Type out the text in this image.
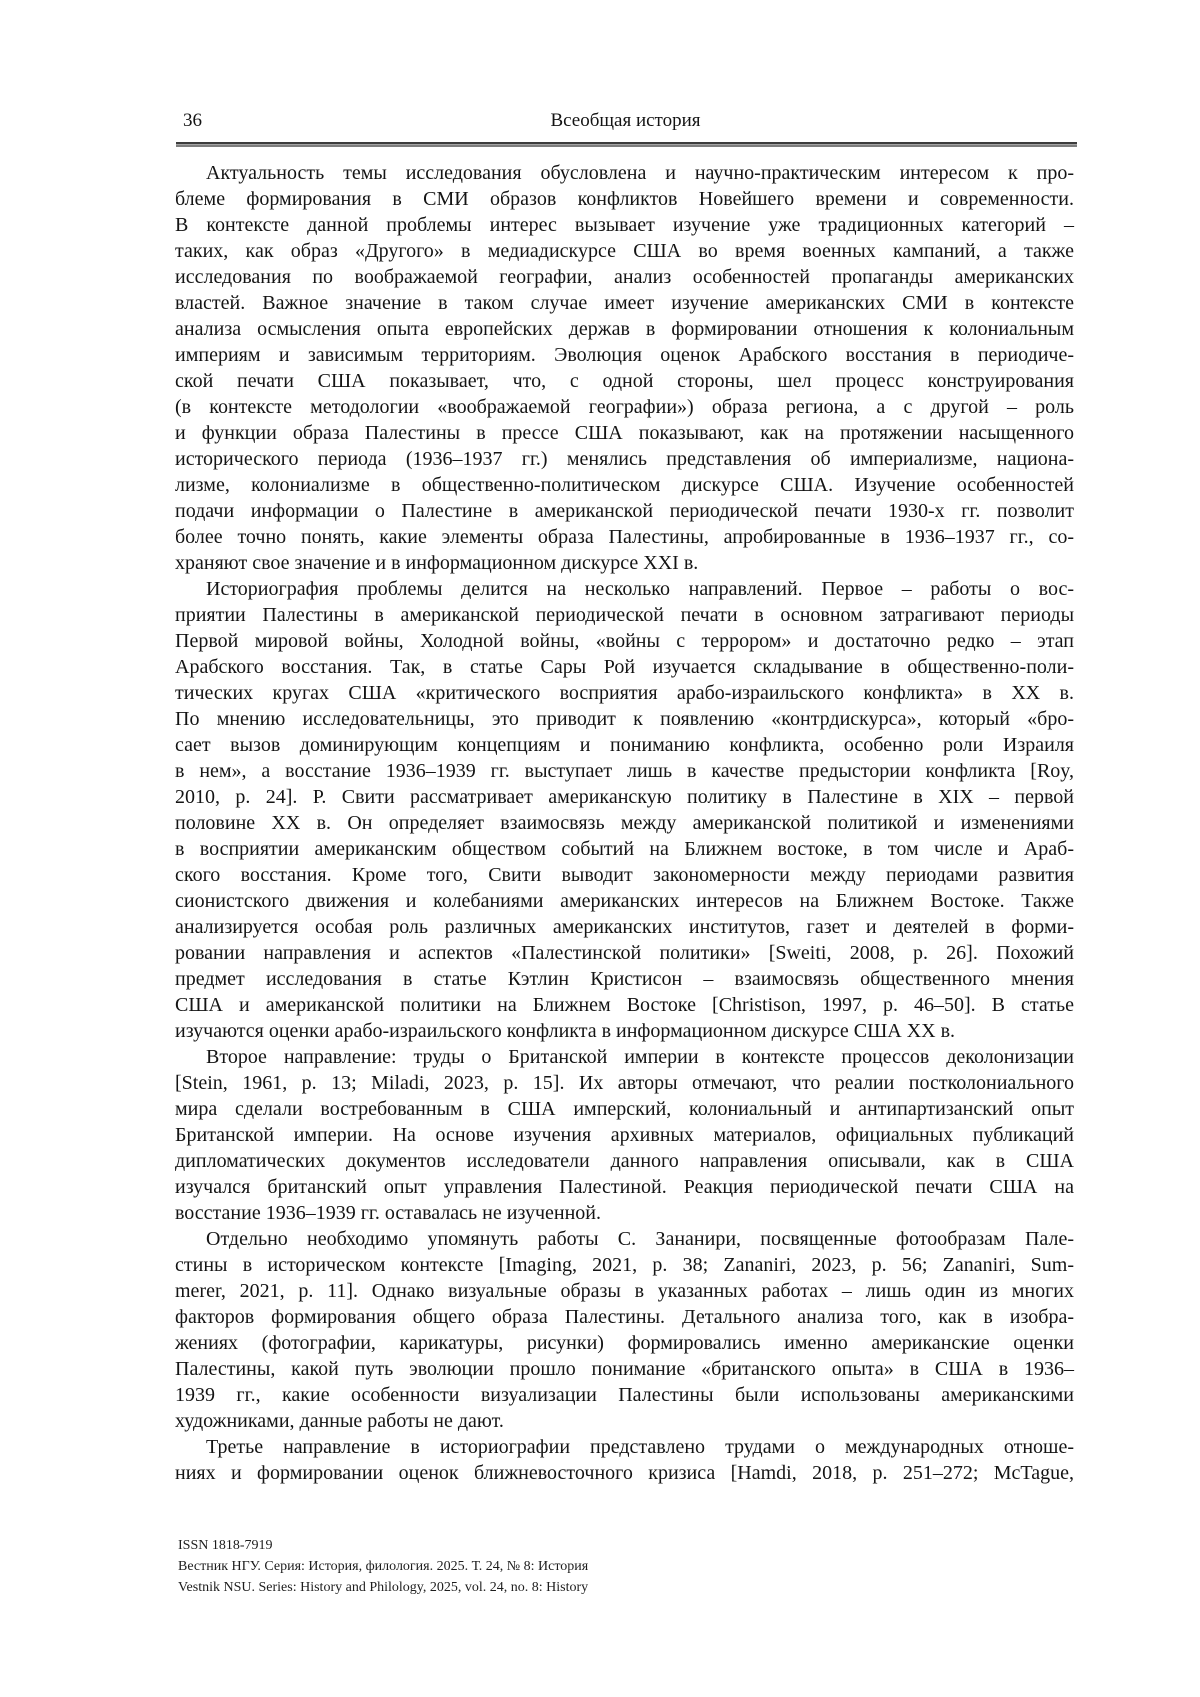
36	Всеобщая история
Актуальность темы исследования обусловлена и научно-практическим интересом к про-
блеме формирования в СМИ образов конфликтов Новейшего времени и современности.
В контексте данной проблемы интерес вызывает изучение уже традиционных категорий –
таких, как образ «Другого» в медиадискурсе США во время военных кампаний, а также
исследования по воображаемой географии, анализ особенностей пропаганды американских
властей. Важное значение в таком случае имеет изучение американских СМИ в контексте
анализа осмысления опыта европейских держав в формировании отношения к колониальным
империям и зависимым территориям. Эволюция оценок Арабского восстания в периодиче-
ской печати США показывает, что, с одной стороны, шел процесс конструирования
(в контексте методологии «воображаемой географии») образа региона, а с другой – роль
и функции образа Палестины в прессе США показывают, как на протяжении насыщенного
исторического периода (1936–1937 гг.) менялись представления об империализме, национа-
лизме, колониализме в общественно-политическом дискурсе США. Изучение особенностей
подачи информации о Палестине в американской периодической печати 1930-х гг. позволит
более точно понять, какие элементы образа Палестины, апробированные в 1936–1937 гг., со-
храняют свое значение и в информационном дискурсе XXI в.
Историография проблемы делится на несколько направлений. Первое – работы о вос-
приятии Палестины в американской периодической печати в основном затрагивают периоды
Первой мировой войны, Холодной войны, «войны с террором» и достаточно редко – этап
Арабского восстания. Так, в статье Сары Рой изучается складывание в общественно-поли-
тических кругах США «критического восприятия арабо-израильского конфликта» в XX в.
По мнению исследовательницы, это приводит к появлению «контрдискурса», который «бро-
сает вызов доминирующим концепциям и пониманию конфликта, особенно роли Израиля
в нем», а восстание 1936–1939 гг. выступает лишь в качестве предыстории конфликта [Roy,
2010, p. 24]. Р. Свити рассматривает американскую политику в Палестине в XIX – первой
половине XX в. Он определяет взаимосвязь между американской политикой и изменениями
в восприятии американским обществом событий на Ближнем востоке, в том числе и Араб-
ского восстания. Кроме того, Свити выводит закономерности между периодами развития
сионистского движения и колебаниями американских интересов на Ближнем Востоке. Также
анализируется особая роль различных американских институтов, газет и деятелей в форми-
ровании направления и аспектов «Палестинской политики» [Sweiti, 2008, p. 26]. Похожий
предмет исследования в статье Кэтлин Кристисон – взаимосвязь общественного мнения
США и американской политики на Ближнем Востоке [Christison, 1997, p. 46–50]. В статье
изучаются оценки арабо-израильского конфликта в информационном дискурсе США XX в.
Второе направление: труды о Британской империи в контексте процессов деколонизации
[Stein, 1961, p. 13; Miladi, 2023, p. 15]. Их авторы отмечают, что реалии постколониального
мира сделали востребованным в США имперский, колониальный и антипартизанский опыт
Британской империи. На основе изучения архивных материалов, официальных публикаций
дипломатических документов исследователи данного направления описывали, как в США
изучался британский опыт управления Палестиной. Реакция периодической печати США на
восстание 1936–1939 гг. оставалась не изученной.
Отдельно необходимо упомянуть работы С. Зананири, посвященные фотообразам Пале-
стины в историческом контексте [Imaging, 2021, p. 38; Zananiri, 2023, p. 56; Zananiri, Sum-
merer, 2021, p. 11]. Однако визуальные образы в указанных работах – лишь один из многих
факторов формирования общего образа Палестины. Детального анализа того, как в изобра-
жениях (фотографии, карикатуры, рисунки) формировались именно американские оценки
Палестины, какой путь эволюции прошло понимание «британского опыта» в США в 1936–
1939 гг., какие особенности визуализации Палестины были использованы американскими
художниками, данные работы не дают.
Третье направление в историографии представлено трудами о международных отноше-
ниях и формировании оценок ближневосточного кризиса [Hamdi, 2018, p. 251–272; McTague,
ISSN 1818-7919
Вестник НГУ. Серия: История, филология. 2025. Т. 24, № 8: История
Vestnik NSU. Series: History and Philology, 2025, vol. 24, no. 8: History
